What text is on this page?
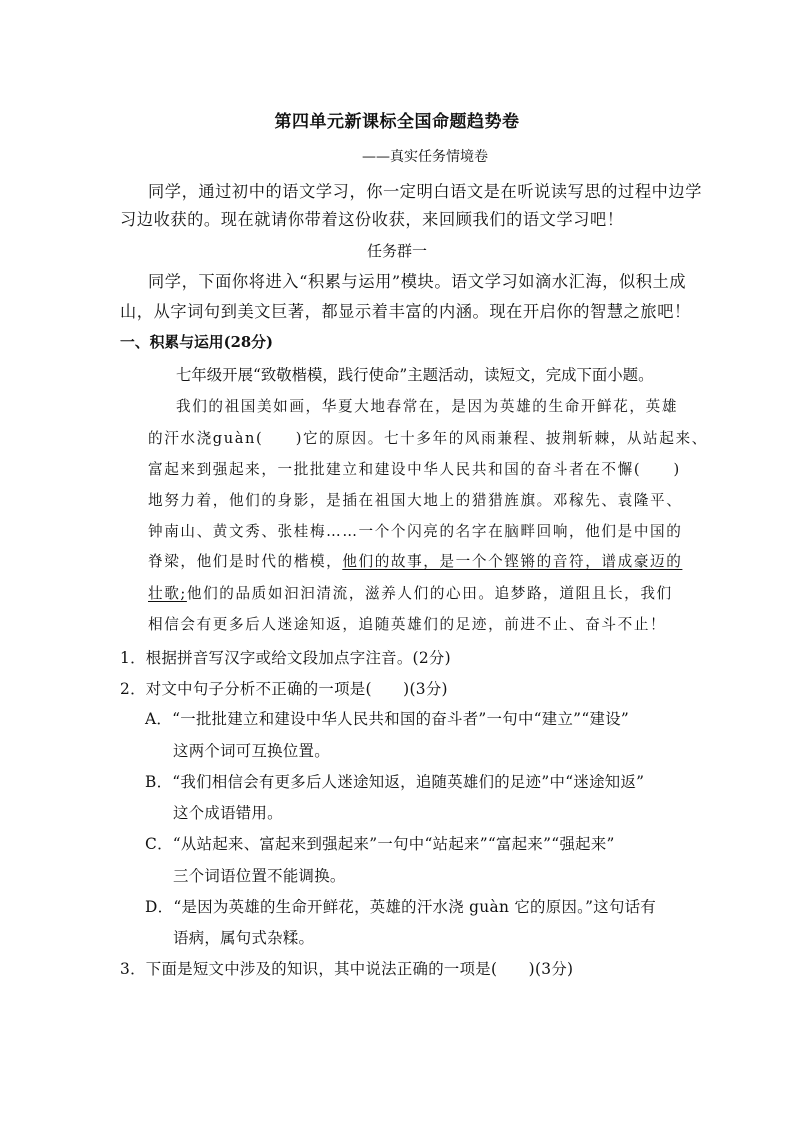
第四单元新课标全国命题趋势卷
——真实任务情境卷
同学，通过初中的语文学习，你一定明白语文是在听说读写思的过程中边学
习边收获的。现在就请你带着这份收获，来回顾我们的语文学习吧！
任务群一
同学，下面你将进入“积累与运用”模块。语文学习如滴水汇海，似积土成
山，从字词句到美文巨著，都显示着丰富的内涵。现在开启你的智慧之旅吧！
一、积累与运用(28分)
七年级开展“致敬楷模，践行使命”主题活动，读短文，完成下面小题。
我们的祖国美如画，华夏大地春常在，是因为英雄的生命开鲜花，英雄
的汗水浇guàn(　　)它的原因。七十多年的风雨兼程、披荆斩棘，从站起来、
富起来到强起来，一批批建立和建设中华人民共和国的奋斗者在不懈(　　)
地努力着，他们的身影，是插在祖国大地上的猎猎旌旗。邓稼先、袁隆平、
钟南山、黄文秀、张桂梅……一个个闪亮的名字在脑畔回响，他们是中国的
脊梁，他们是时代的楷模，他们的故事，是一个个铿锵的音符，谱成豪迈的
壮歌;他们的品质如汩汩清流，滋养人们的心田。追梦路，道阻且长，我们
相信会有更多后人迷途知返，追随英雄们的足迹，前进不止、奋斗不止！
1．根据拼音写汉字或给文段加点字注音。(2分)
2．对文中句子分析不正确的一项是(　　)(3分)
A．“一批批建立和建设中华人民共和国的奋斗者”一句中“建立”“建设”
这两个词可互换位置。
B．“我们相信会有更多后人迷途知返，追随英雄们的足迹”中“迷途知返”
这个成语错用。
C．“从站起来、富起来到强起来”一句中“站起来”“富起来”“强起来”
三个词语位置不能调换。
D．“是因为英雄的生命开鲜花，英雄的汗水浇 guàn 它的原因。”这句话有
语病，属句式杂糅。
3．下面是短文中涉及的知识，其中说法正确的一项是(　　)(3分)
